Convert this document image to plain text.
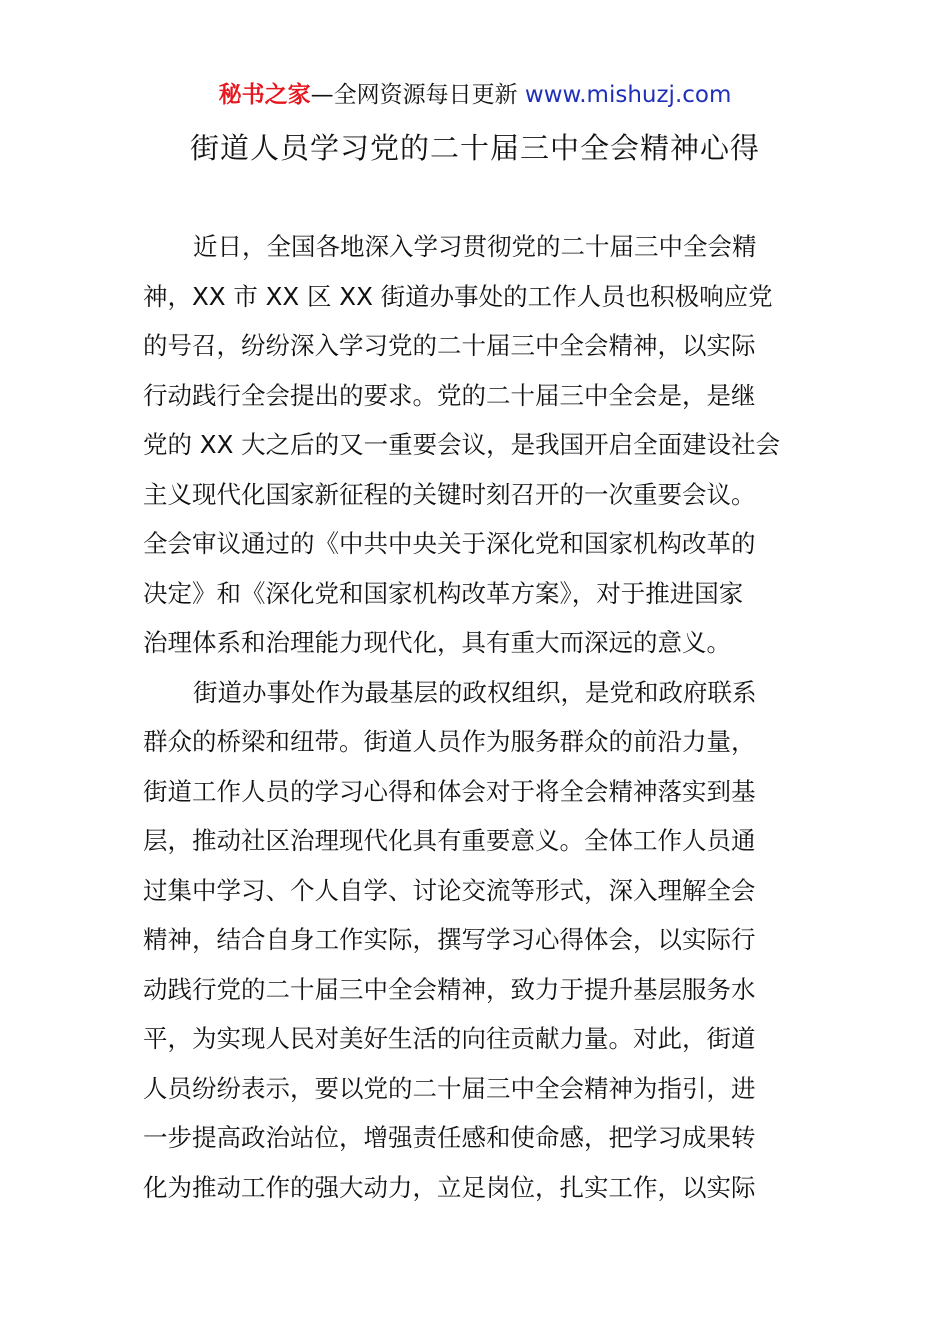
秘书之家—全网资源每日更新 www.mishuzj.com
街道人员学习党的二十届三中全会精神心得
近日，全国各地深入学习贯彻党的二十届三中全会精
神，XX 市 XX 区 XX 街道办事处的工作人员也积极响应党
的号召，纷纷深入学习党的二十届三中全会精神，以实际
行动践行全会提出的要求。党的二十届三中全会是，是继
党的 XX 大之后的又一重要会议，是我国开启全面建设社会
主义现代化国家新征程的关键时刻召开的一次重要会议。
全会审议通过的《中共中央关于深化党和国家机构改革的
决定》和《深化党和国家机构改革方案》，对于推进国家
治理体系和治理能力现代化，具有重大而深远的意义。
街道办事处作为最基层的政权组织，是党和政府联系
群众的桥梁和纽带。街道人员作为服务群众的前沿力量，
街道工作人员的学习心得和体会对于将全会精神落实到基
层，推动社区治理现代化具有重要意义。全体工作人员通
过集中学习、个人自学、讨论交流等形式，深入理解全会
精神，结合自身工作实际，撰写学习心得体会，以实际行
动践行党的二十届三中全会精神，致力于提升基层服务水
平，为实现人民对美好生活的向往贡献力量。对此，街道
人员纷纷表示，要以党的二十届三中全会精神为指引，进
一步提高政治站位，增强责任感和使命感，把学习成果转
化为推动工作的强大动力，立足岗位，扎实工作，以实际
